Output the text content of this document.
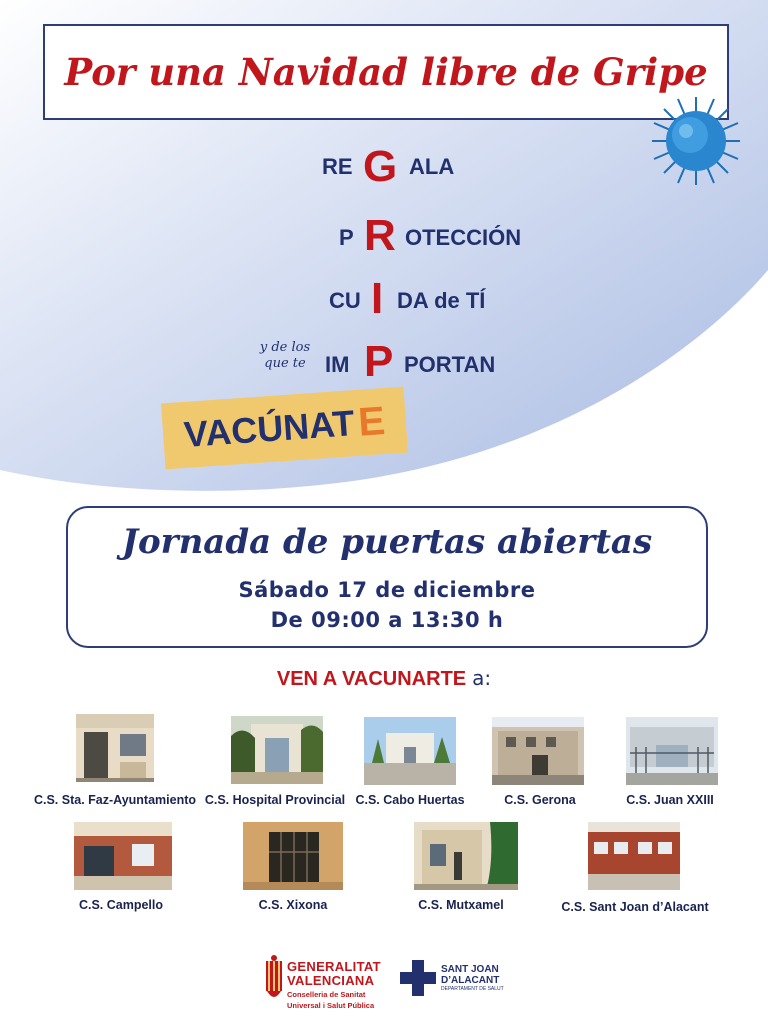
Por una Navidad libre de Gripe
RE G ALA
P R OTECCIÓN
CU I DA de TÍ
y de los
que te IM P PORTAN
VACÚNAT E
Jornada de puertas abiertas
Sábado 17 de diciembre
De 09:00 a 13:30 h
VEN A VACUNARTE a:
C.S. Sta. Faz-Ayuntamiento C.S. Hospital Provincial C.S. Cabo Huertas	C.S. Gerona	C.S. Juan XXIII
C.S. Campello	C.S. Xixona	C.S. Mutxamel	C.S. Sant Joan d’Alacant
GENERALITAT
VALENCIANA
Conselleria de Sanitat
Universal i Salut Pública
SANT JOAN
D’ALACANT
DEPARTAMENT DE SALUT
